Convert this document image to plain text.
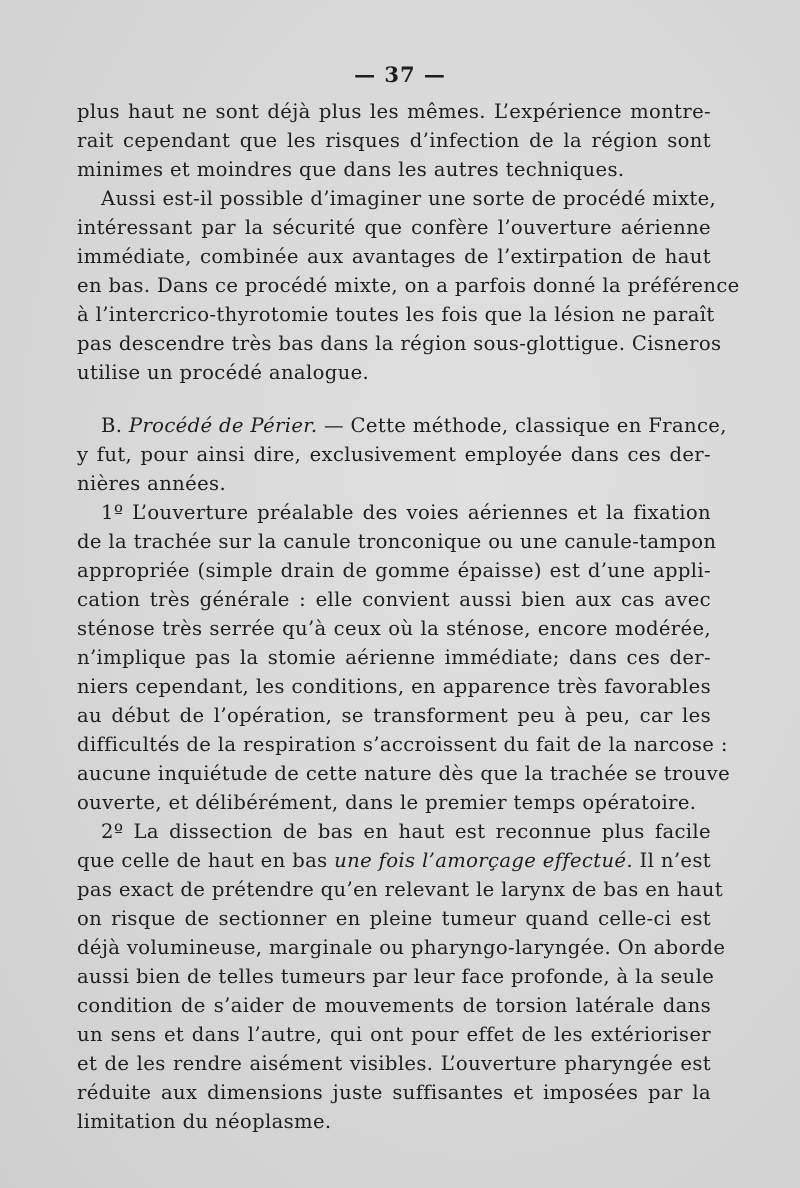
— 37 —
plus haut ne sont déjà plus les mêmes. L’expérience montre-
rait cependant que les risques d’infection de la région sont
minimes et moindres que dans les autres techniques.
Aussi est-il possible d’imaginer une sorte de procédé mixte,
intéressant par la sécurité que confère l’ouverture aérienne
immédiate, combinée aux avantages de l’extirpation de haut
en bas. Dans ce procédé mixte, on a parfois donné la préférence
à l’intercrico-thyrotomie toutes les fois que la lésion ne paraît
pas descendre très bas dans la région sous-glottigue. Cisneros
utilise un procédé analogue.
B. Procédé de Périer. — Cette méthode, classique en France,
y fut, pour ainsi dire, exclusivement employée dans ces der-
nières années.
1º L’ouverture préalable des voies aériennes et la fixation
de la trachée sur la canule tronconique ou une canule-tampon
appropriée (simple drain de gomme épaisse) est d’une appli-
cation très générale : elle convient aussi bien aux cas avec
sténose très serrée qu’à ceux où la sténose, encore modérée,
n’implique pas la stomie aérienne immédiate; dans ces der-
niers cependant, les conditions, en apparence très favorables
au début de l’opération, se transforment peu à peu, car les
difficultés de la respiration s’accroissent du fait de la narcose :
aucune inquiétude de cette nature dès que la trachée se trouve
ouverte, et délibérément, dans le premier temps opératoire.
2º La dissection de bas en haut est reconnue plus facile
que celle de haut en bas une fois l’amorçage effectué. Il n’est
pas exact de prétendre qu’en relevant le larynx de bas en haut
on risque de sectionner en pleine tumeur quand celle-ci est
déjà volumineuse, marginale ou pharyngo-laryngée. On aborde
aussi bien de telles tumeurs par leur face profonde, à la seule
condition de s’aider de mouvements de torsion latérale dans
un sens et dans l’autre, qui ont pour effet de les extérioriser
et de les rendre aisément visibles. L’ouverture pharyngée est
réduite aux dimensions juste suffisantes et imposées par la
limitation du néoplasme.
